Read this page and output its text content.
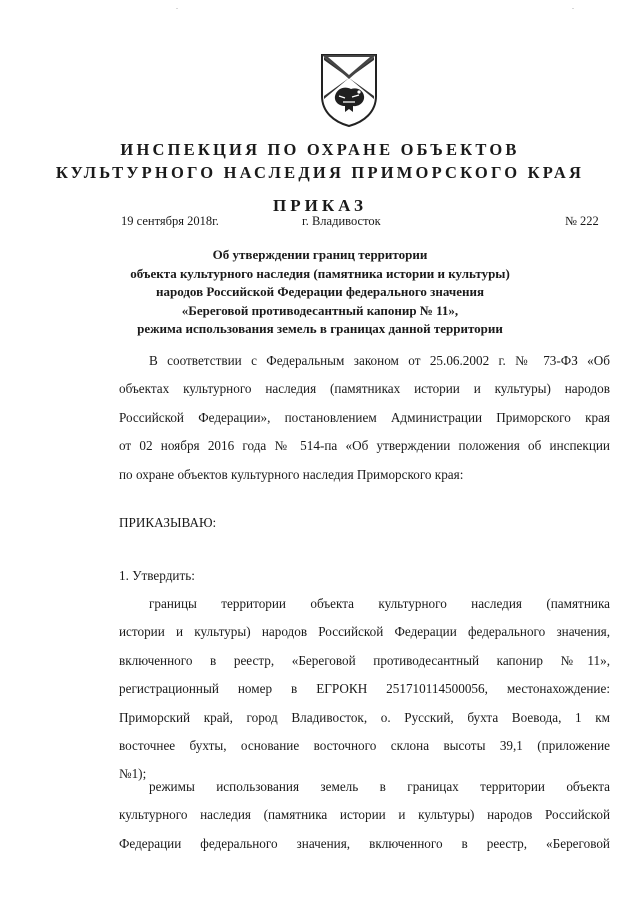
.	.
ИНСПЕКЦИЯ ПО ОХРАНЕ ОБЪЕКТОВ
КУЛЬТУРНОГО НАСЛЕДИЯ ПРИМОРСКОГО КРАЯ
ПРИКАЗ
19 сентября 2018г.	г. Владивосток	№ 222
Об утверждении границ территории
объекта культурного наследия (памятника истории и культуры)
народов Российской Федерации федерального значения
«Береговой противодесантный капонир № 11»,
режима использования земель в границах данной территории
В соответствии с Федеральным законом от 25.06.2002 г. № 73-ФЗ «Об
объектах культурного наследия (памятниках истории и культуры) народов
Российской Федерации», постановлением Администрации Приморского края
от 02 ноября 2016 года № 514-па «Об утверждении положения об инспекции
по охране объектов культурного наследия Приморского края:
ПРИКАЗЫВАЮ:
1. Утвердить:
границы территории объекта культурного наследия (памятника
истории и культуры) народов Российской Федерации федерального значения,
включенного в реестр, «Береговой противодесантный капонир №11»,
регистрационный номер в ЕГРОКН 251710114500056, местонахождение:
Приморский край, город Владивосток, о. Русский, бухта Воевода, 1 км
восточнее бухты, основание восточного склона высоты 39,1 (приложение
№1);
режимы использования земель в границах территории объекта
культурного наследия (памятника истории и культуры) народов Российской
Федерации федерального значения, включенного в реестр, «Береговой
